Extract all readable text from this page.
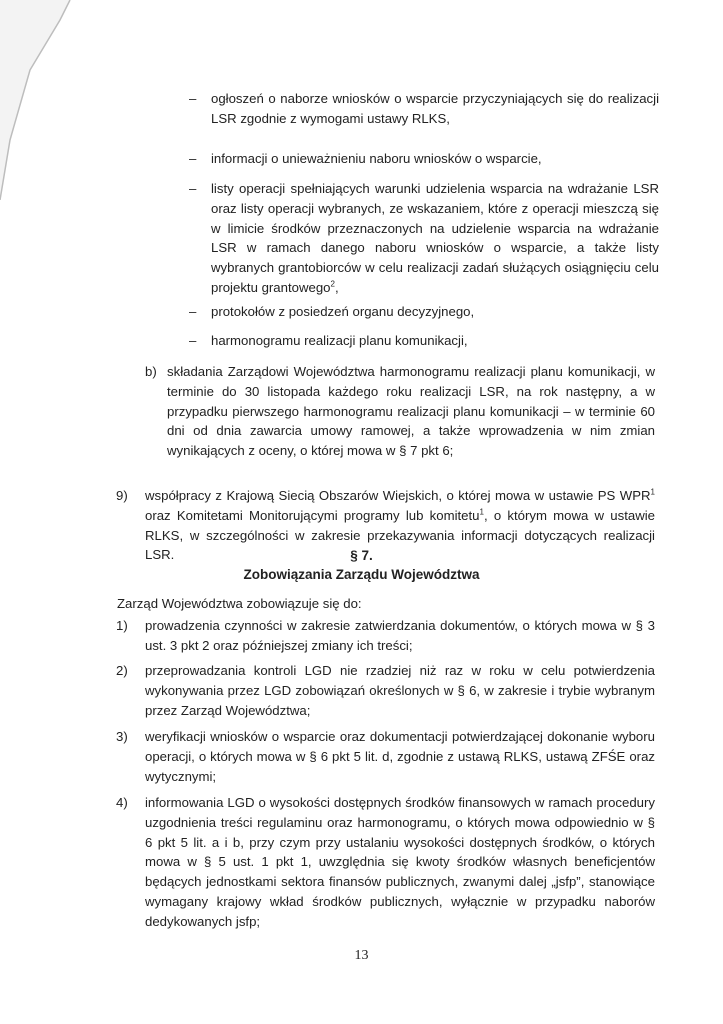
– ogłoszeń o naborze wniosków o wsparcie przyczyniających się do realizacji LSR zgodnie z wymogami ustawy RLKS,
– informacji o unieważnieniu naboru wniosków o wsparcie,
– listy operacji spełniających warunki udzielenia wsparcia na wdrażanie LSR oraz listy operacji wybranych, ze wskazaniem, które z operacji mieszczą się w limicie środków przeznaczonych na udzielenie wsparcia na wdrażanie LSR w ramach danego naboru wniosków o wsparcie, a także listy wybranych grantobiorców w celu realizacji zadań służących osiągnięciu celu projektu grantowego$^2$,
– protokołów z posiedzeń organu decyzyjnego,
– harmonogramu realizacji planu komunikacji,
b) składania Zarządowi Województwa harmonogramu realizacji planu komunikacji, w terminie do 30 listopada każdego roku realizacji LSR, na rok następny, a w przypadku pierwszego harmonogramu realizacji planu komunikacji – w terminie 60 dni od dnia zawarcia umowy ramowej, a także wprowadzenia w nim zmian wynikających z oceny, o której mowa w § 7 pkt 6;
9) współpracy z Krajową Siecią Obszarów Wiejskich, o której mowa w ustawie PS WPR$^1$ oraz Komitetami Monitorującymi programy lub komitetu$^1$, o którym mowa w ustawie RLKS, w szczególności w zakresie przekazywania informacji dotyczących realizacji LSR.	§ 7.
Zobowiązania Zarządu Województwa
Zarząd Województwa zobowiązuje się do:
1) prowadzenia czynności w zakresie zatwierdzania dokumentów, o których mowa w § 3 ust. 3 pkt 2 oraz późniejszej zmiany ich treści;
2) przeprowadzania kontroli LGD nie rzadziej niż raz w roku w celu potwierdzenia wykonywania przez LGD zobowiązań określonych w § 6, w zakresie i trybie wybranym przez Zarząd Województwa;
3) weryfikacji wniosków o wsparcie oraz dokumentacji potwierdzającej dokonanie wyboru operacji, o których mowa w § 6 pkt 5 lit. d, zgodnie z ustawą RLKS, ustawą ZFŚE oraz wytycznymi;
4) informowania LGD o wysokości dostępnych środków finansowych w ramach procedury uzgodnienia treści regulaminu oraz harmonogramu, o których mowa odpowiednio w § 6 pkt 5 lit. a i b, przy czym przy ustalaniu wysokości dostępnych środków, o których mowa w § 5 ust. 1 pkt 1, uwzględnia się kwoty środków własnych beneficjentów będących jednostkami sektora finansów publicznych, zwanymi dalej „jsfp”, stanowiące wymagany krajowy wkład środków publicznych, wyłącznie w przypadku naborów dedykowanych jsfp;
13
